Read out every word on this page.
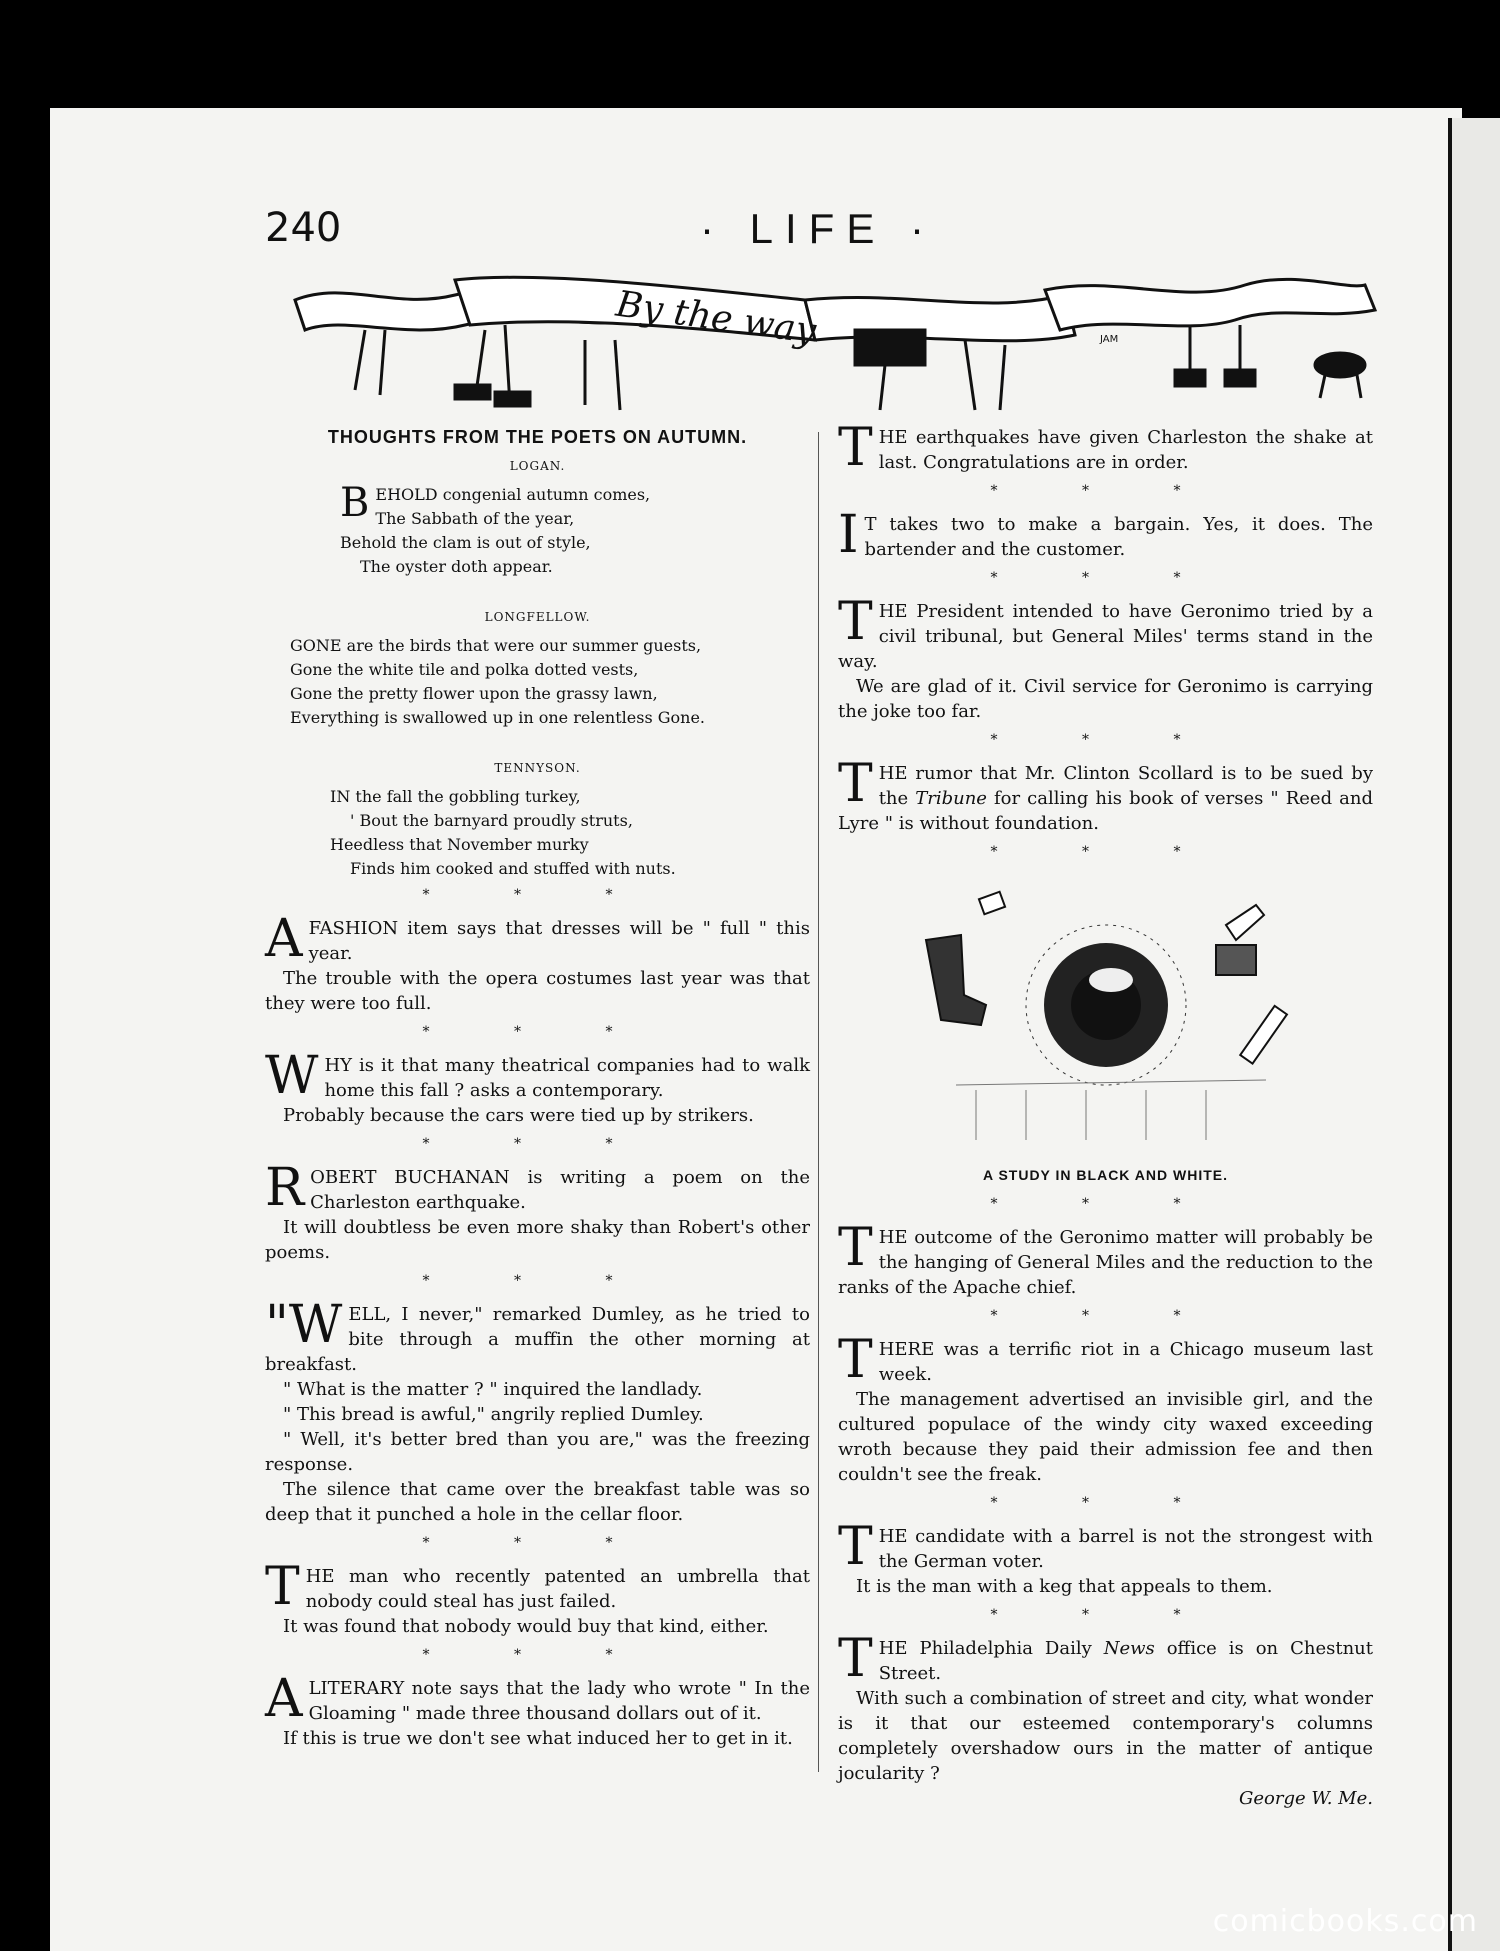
240	· LIFE ·
By the way	JAM
THOUGHTS FROM THE POETS ON AUTUMN.
LOGAN.
B EHOLD congenial autumn comes,
The Sabbath of the year,
Behold the clam is out of style,
The oyster doth appear.
LONGFELLOW.
GONE are the birds that were our summer guests,
Gone the white tile and polka dotted vests,
Gone the pretty flower upon the grassy lawn,
Everything is swallowed up in one relentless Gone.
TENNYSON.
IN the fall the gobbling turkey,
' Bout the barnyard proudly struts,
Heedless that November murky
Finds him cooked and stuffed with nuts.
* * *
A FASHION item says that dresses will be " full " this year.

The trouble with the opera costumes last year was that they were too full.

* * *
W HY is it that many theatrical companies had to walk home this fall ? asks a contemporary.

Probably because the cars were tied up by strikers.

* * *
R OBERT BUCHANAN is writing a poem on the Charleston earthquake.

It will doubtless be even more shaky than Robert's other poems.

* * *
"W ELL, I never," remarked Dumley, as he tried to bite through a muffin the other morning at breakfast.

" What is the matter ? " inquired the landlady.

" This bread is awful," angrily replied Dumley.

" Well, it's better bred than you are," was the freezing response.

The silence that came over the breakfast table was so deep that it punched a hole in the cellar floor.

* * *
T HE man who recently patented an umbrella that nobody could steal has just failed.

It was found that nobody would buy that kind, either.

* * *
A LITERARY note says that the lady who wrote " In the Gloaming " made three thousand dollars out of it.

If this is true we don't see what induced her to get in it.

T HE earthquakes have given Charleston the shake at last. Congratulations are in order.

* * *
I T takes two to make a bargain. Yes, it does. The bartender and the customer.

* * *
T HE President intended to have Geronimo tried by a civil tribunal, but General Miles' terms stand in the way.

We are glad of it. Civil service for Geronimo is carrying the joke too far.

* * *
T HE rumor that Mr. Clinton Scollard is to be sued by the Tribune for calling his book of verses " Reed and Lyre " is without foundation.

* * *
A STUDY IN BLACK AND WHITE.
* * *
T HE outcome of the Geronimo matter will probably be the hanging of General Miles and the reduction to the ranks of the Apache chief.

* * *
T HERE was a terrific riot in a Chicago museum last week.

The management advertised an invisible girl, and the cultured populace of the windy city waxed exceeding wroth because they paid their admission fee and then couldn't see the freak.

* * *
T HE candidate with a barrel is not the strongest with the German voter.

It is the man with a keg that appeals to them.

* * *
T HE Philadelphia Daily News office is on Chestnut Street.

With such a combination of street and city, what wonder is it that our esteemed contemporary's columns completely overshadow ours in the matter of antique jocularity ?

George W. Me.

comicbooks.com
